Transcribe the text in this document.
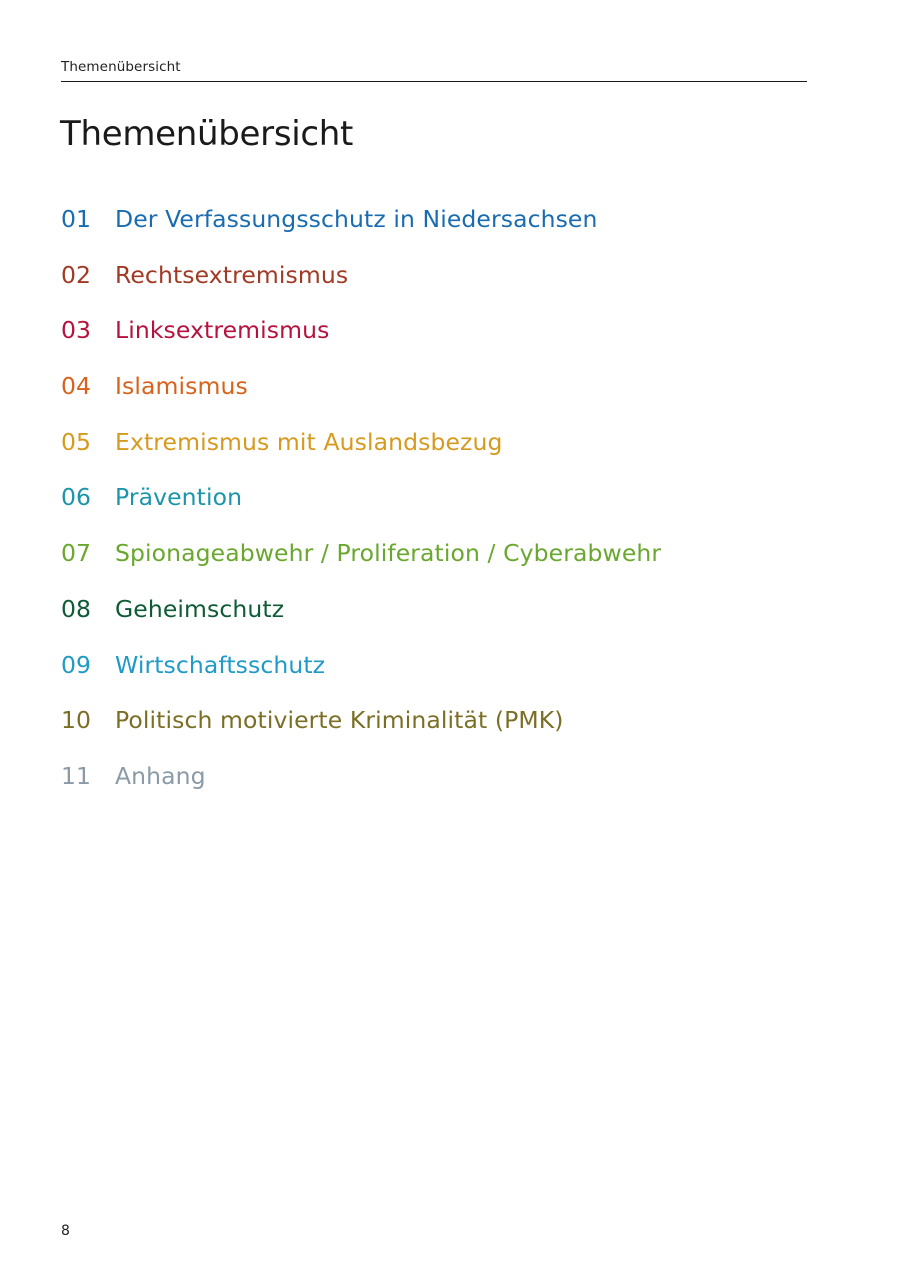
Themenübersicht
Themenübersicht
01	Der Verfassungsschutz in Niedersachsen
02	Rechtsextremismus
03	Linksextremismus
04	Islamismus
05	Extremismus mit Auslandsbezug
06	Prävention
07	Spionageabwehr / Proliferation / Cyberabwehr
08	Geheimschutz
09	Wirtschaftsschutz
10	Politisch motivierte Kriminalität (PMK)
11	Anhang
8
